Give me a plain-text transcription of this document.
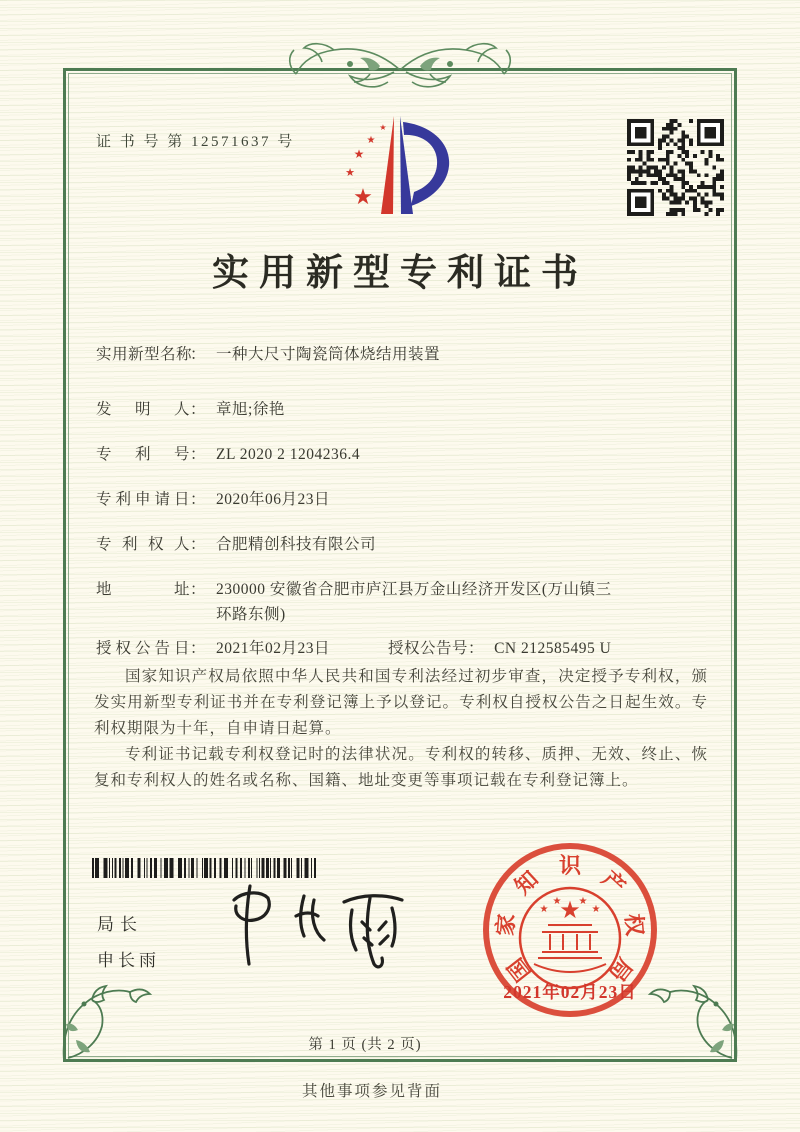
证 书 号 第 12571637 号
★
★
★
★
★
实用新型专利证书
实用新型名称
： 一种大尺寸陶瓷筒体烧结用装置
发明人 ： 章旭;徐艳
专利号 ： ZL 2020 2 1204236.4
专利申请日 ： 2020年06月23日
专利权人 ： 合肥精创科技有限公司
地址 ： 230000 安徽省合肥市庐江县万金山经济开发区(万山镇三环路东侧)
授权公告日 ： 2021年02月23日	授权公告号 ： CN 212585495 U

国家知识产权局依照中华人民共和国专利法经过初步审查，决定授予专利权，颁发实用新型专利证书并在专利登记簿上予以登记。专利权自授权公告之日起生效。专利权期限为十年，自申请日起算。

专利证书记载专利权登记时的法律状况。专利权的转移、质押、无效、终止、恢复和专利权人的姓名或名称、国籍、地址变更等事项记载在专利登记簿上。

局长
申长雨	国
家
知
识
产
权
局
★
★
★ ★
★
2021年02月23日
第 1 页 (共 2 页)
其他事项参见背面
